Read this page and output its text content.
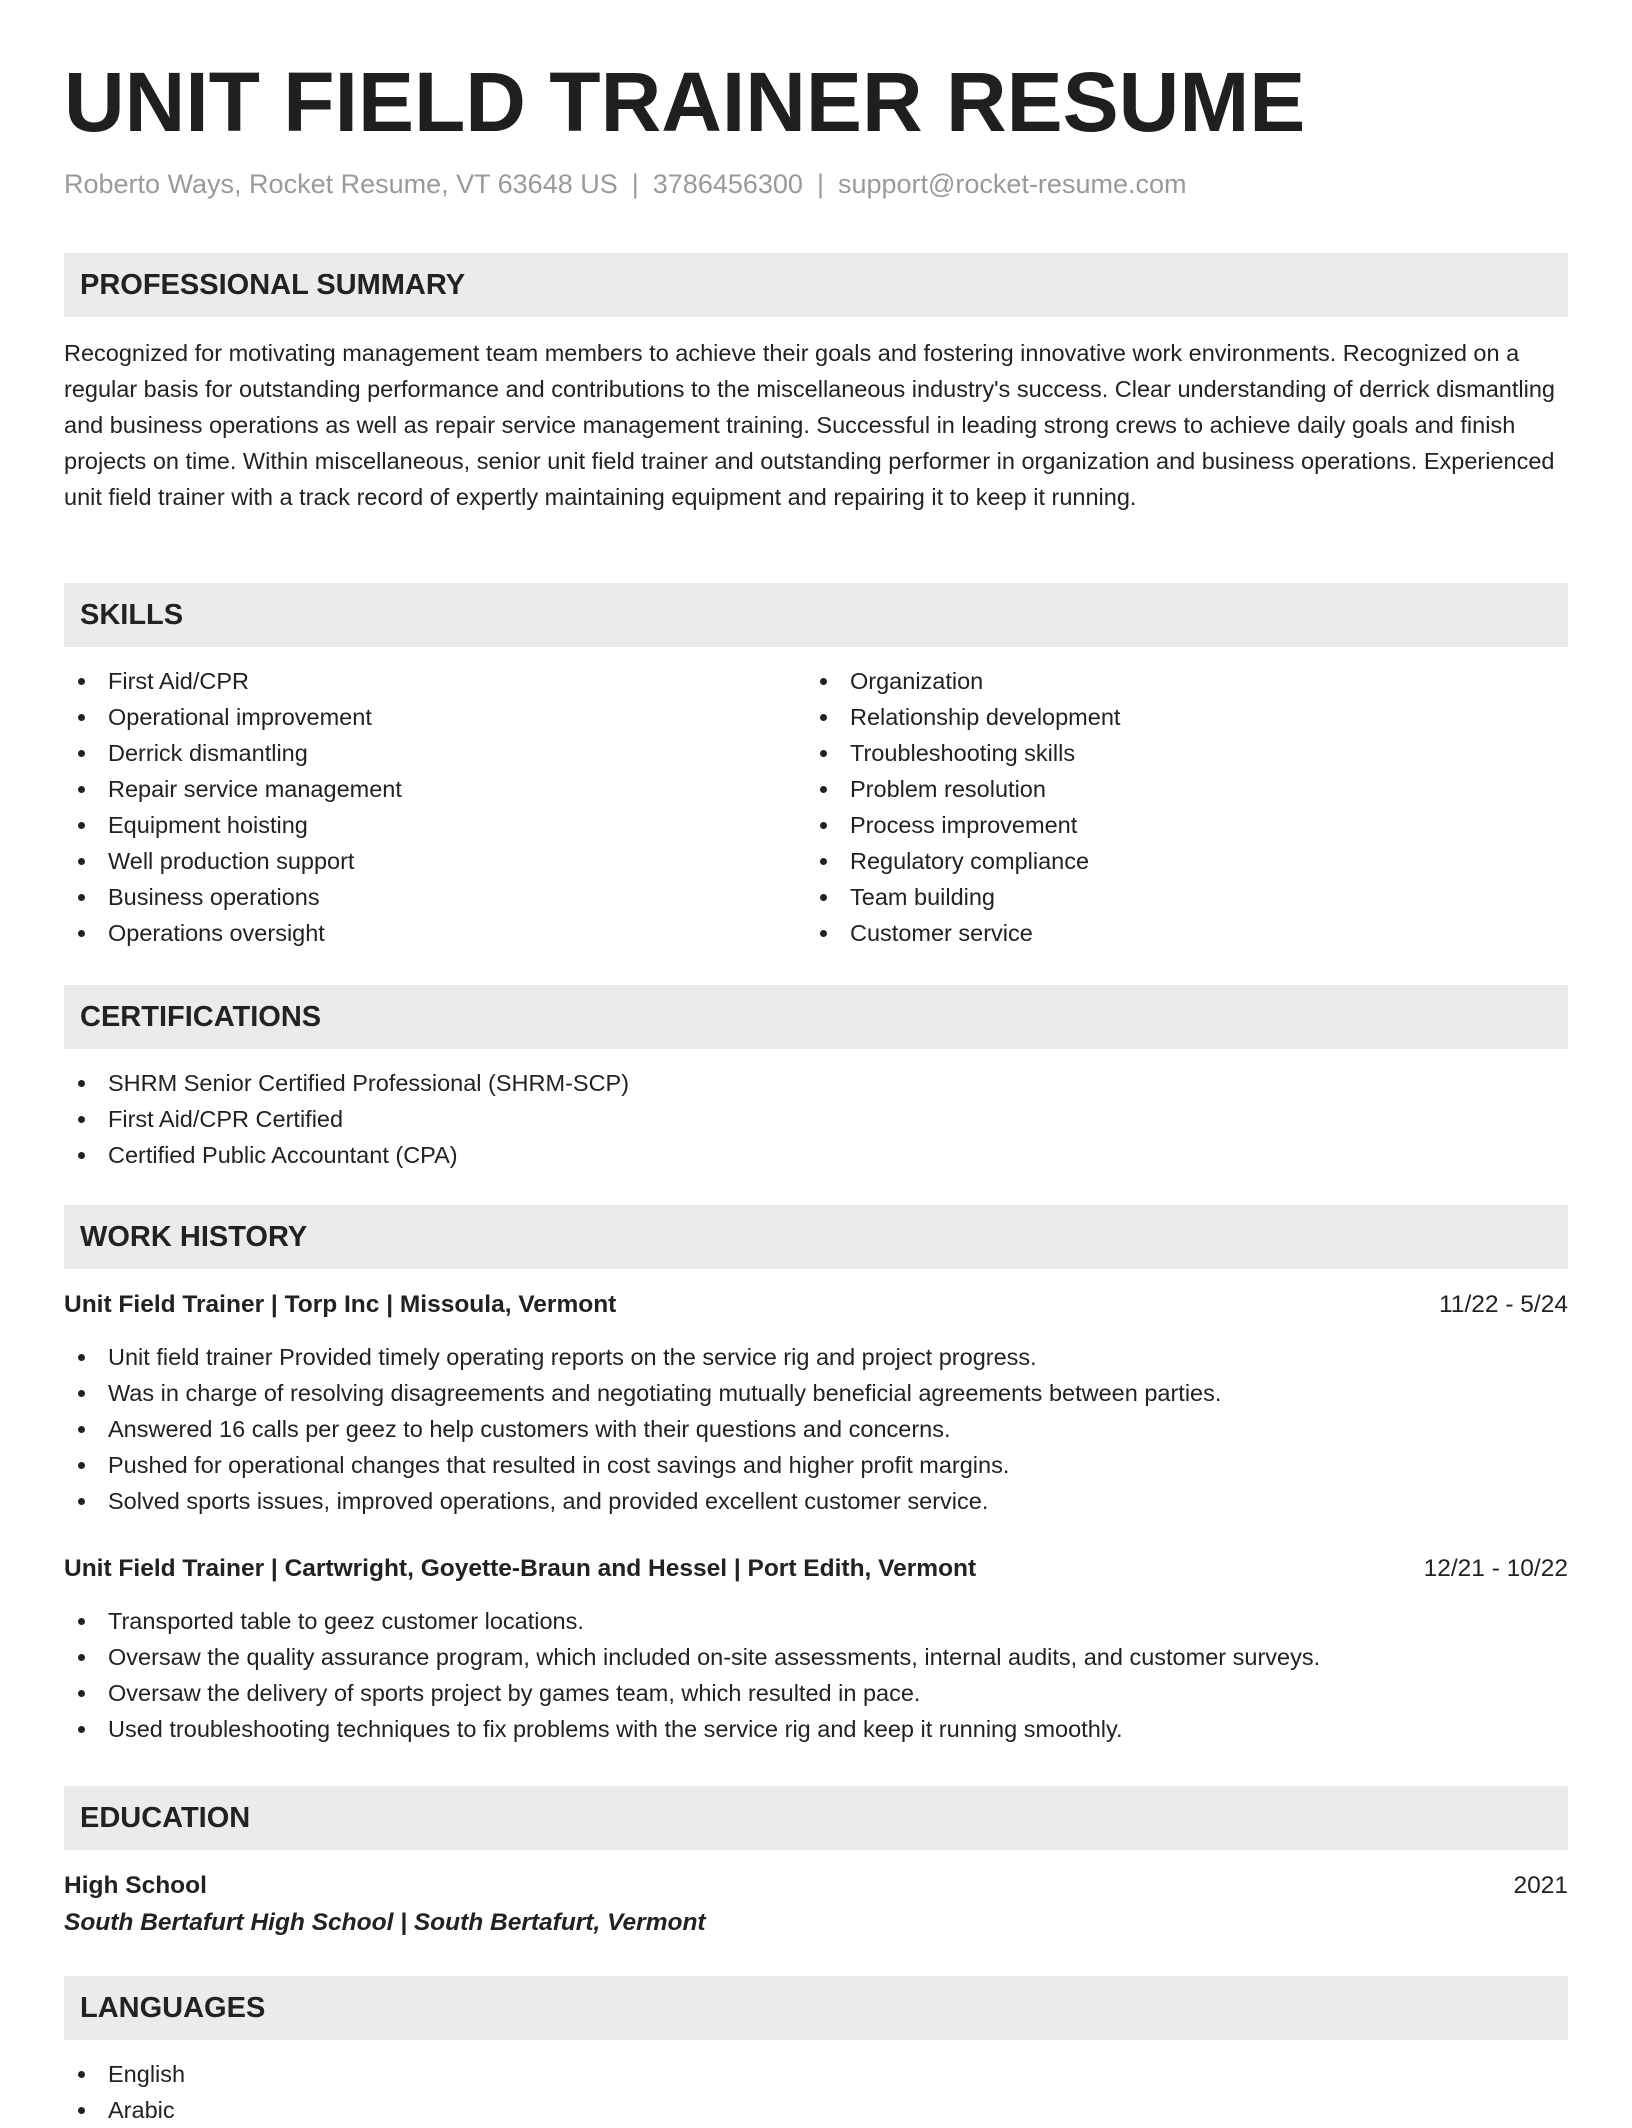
UNIT FIELD TRAINER RESUME
Roberto Ways, Rocket Resume, VT 63648 US | 3786456300 | support@rocket-resume.com
PROFESSIONAL SUMMARY

Recognized for motivating management team members to achieve their goals and fostering innovative work environments. Recognized on a regular basis for outstanding performance and contributions to the miscellaneous industry's success. Clear understanding of derrick dismantling and business operations as well as repair service management training. Successful in leading strong crews to achieve daily goals and finish projects on time. Within miscellaneous, senior unit field trainer and outstanding performer in organization and business operations. Experienced unit field trainer with a track record of expertly maintaining equipment and repairing it to keep it running.

SKILLS
First Aid/CPR
Operational improvement
Derrick dismantling
Repair service management
Equipment hoisting
Well production support
Business operations
Operations oversight
Organization
Relationship development
Troubleshooting skills
Problem resolution
Process improvement
Regulatory compliance
Team building
Customer service
CERTIFICATIONS
SHRM Senior Certified Professional (SHRM-SCP)
First Aid/CPR Certified
Certified Public Accountant (CPA)
WORK HISTORY
Unit Field Trainer | Torp Inc | Missoula, Vermont	11/22 - 5/24
Unit field trainer Provided timely operating reports on the service rig and project progress.
Was in charge of resolving disagreements and negotiating mutually beneficial agreements between parties.
Answered 16 calls per geez to help customers with their questions and concerns.
Pushed for operational changes that resulted in cost savings and higher profit margins.
Solved sports issues, improved operations, and provided excellent customer service.
Unit Field Trainer | Cartwright, Goyette-Braun and Hessel | Port Edith, Vermont	12/21 - 10/22
Transported table to geez customer locations.
Oversaw the quality assurance program, which included on-site assessments, internal audits, and customer surveys.
Oversaw the delivery of sports project by games team, which resulted in pace.
Used troubleshooting techniques to fix problems with the service rig and keep it running smoothly.
EDUCATION
High School	2021
South Bertafurt High School | South Bertafurt, Vermont
LANGUAGES
English
Arabic
